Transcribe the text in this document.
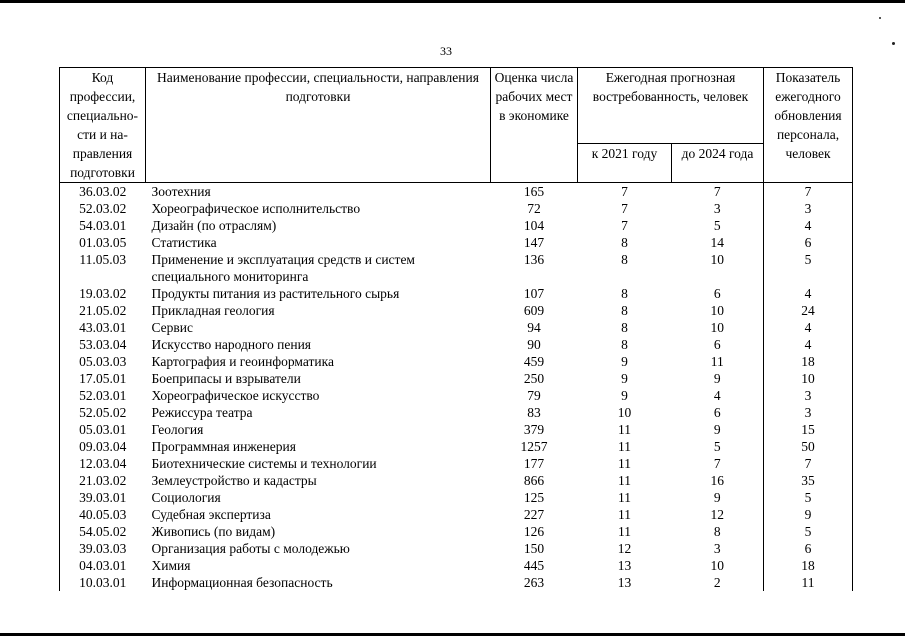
33
Код профессии, специально-сти и на-правления подготовки	Наименование профессии, специальности, направления подготовки	Оценка числа рабочих мест в экономике	Ежегодная прогнозная востребованность, человек		Показатель ежегодного обновления персонала, человек
			к 2021 году	до 2024 года	
36.03.02	Зоотехния	165	7	7	7
52.03.02	Хореографическое исполнительство	72	7	3	3
54.03.01	Дизайн (по отраслям)	104	7	5	4
01.03.05	Статистика	147	8	14	6
11.05.03	Применение и эксплуатация средств и систем специального мониторинга	136	8	10	5
19.03.02	Продукты питания из растительного сырья	107	8	6	4
21.05.02	Прикладная геология	609	8	10	24
43.03.01	Сервис	94	8	10	4
53.03.04	Искусство народного пения	90	8	6	4
05.03.03	Картография и геоинформатика	459	9	11	18
17.05.01	Боеприпасы и взрыватели	250	9	9	10
52.03.01	Хореографическое искусство	79	9	4	3
52.05.02	Режиссура театра	83	10	6	3
05.03.01	Геология	379	11	9	15
09.03.04	Программная инженерия	1257	11	5	50
12.03.04	Биотехнические системы и технологии	177	11	7	7
21.03.02	Землеустройство и кадастры	866	11	16	35
39.03.01	Социология	125	11	9	5
40.05.03	Судебная экспертиза	227	11	12	9
54.05.02	Живопись (по видам)	126	11	8	5
39.03.03	Организация работы с молодежью	150	12	3	6
04.03.01	Химия	445	13	10	18
10.03.01	Информационная безопасность	263	13	2	11
